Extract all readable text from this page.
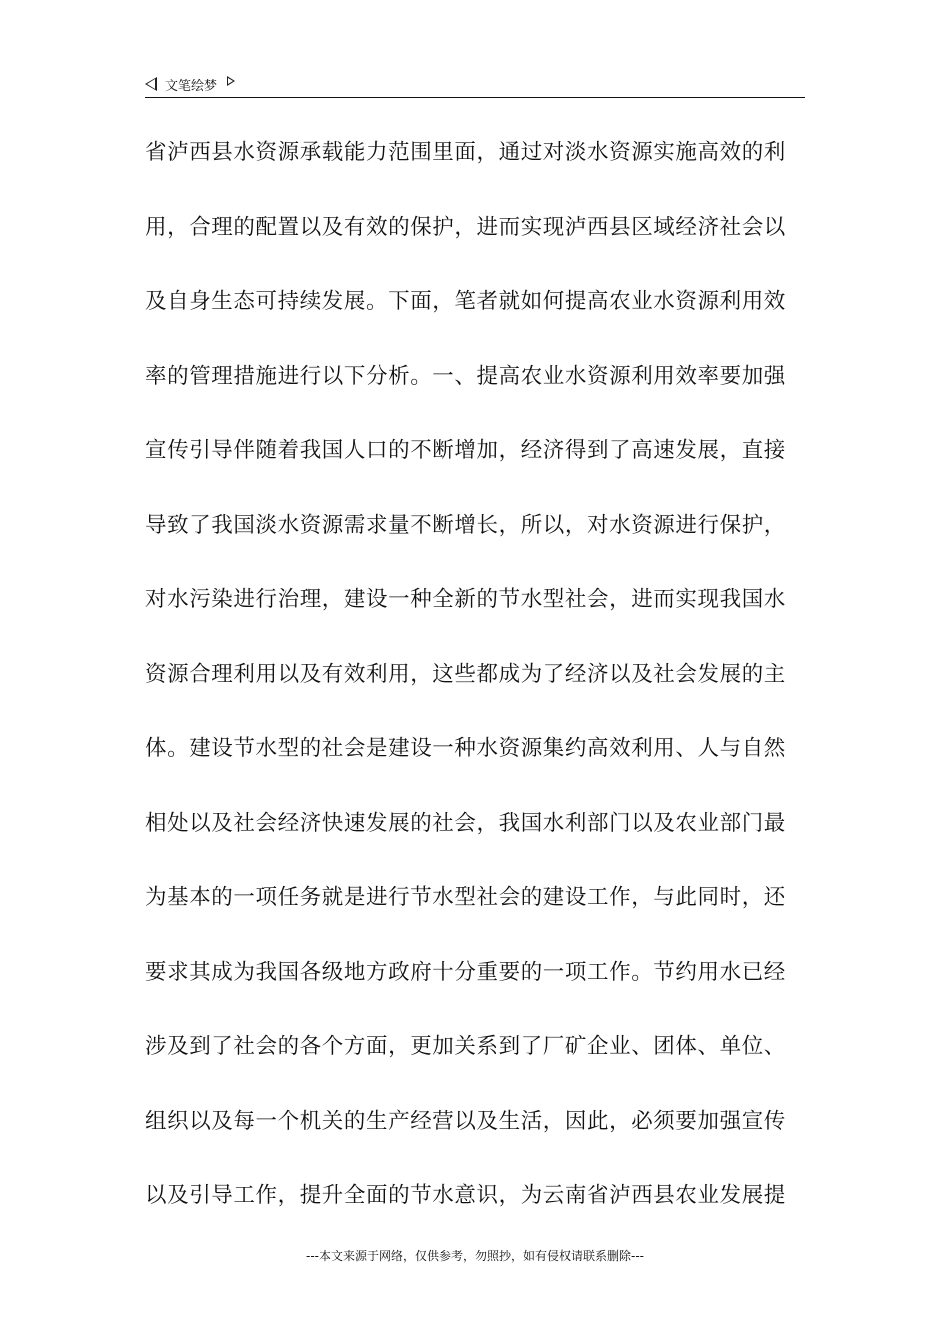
文笔绘梦
省泸西县水资源承载能力范围里面，通过对淡水资源实施高效的利
用，合理的配置以及有效的保护，进而实现泸西县区域经济社会以
及自身生态可持续发展。下面，笔者就如何提高农业水资源利用效
率的管理措施进行以下分析。一、提高农业水资源利用效率要加强
宣传引导伴随着我国人口的不断增加，经济得到了高速发展，直接
导致了我国淡水资源需求量不断增长，所以，对水资源进行保护，
对水污染进行治理，建设一种全新的节水型社会，进而实现我国水
资源合理利用以及有效利用，这些都成为了经济以及社会发展的主
体。建设节水型的社会是建设一种水资源集约高效利用、人与自然
相处以及社会经济快速发展的社会，我国水利部门以及农业部门最
为基本的一项任务就是进行节水型社会的建设工作，与此同时，还
要求其成为我国各级地方政府十分重要的一项工作。节约用水已经
涉及到了社会的各个方面，更加关系到了厂矿企业、团体、单位、
组织以及每一个机关的生产经营以及生活，因此，必须要加强宣传
以及引导工作，提升全面的节水意识，为云南省泸西县农业发展提
---本文来源于网络，仅供参考，勿照抄，如有侵权请联系删除---
